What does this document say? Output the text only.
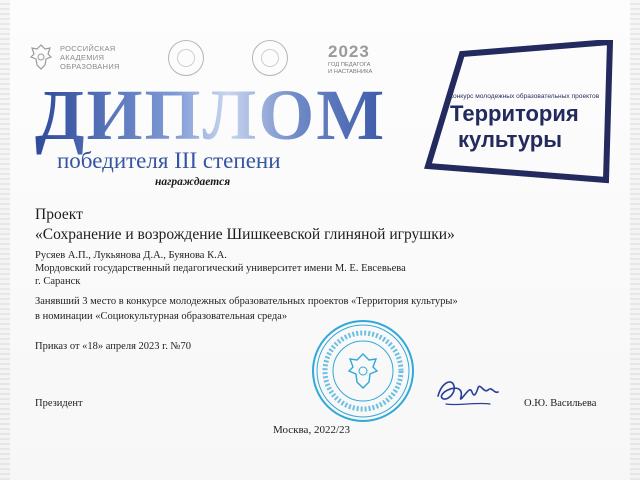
РОССИЙСКАЯ
АКАДЕМИЯ
ОБРАЗОВАНИЯ
2023
ГОД ПЕДАГОГА
И НАСТАВНИКА
ДИПЛОМ
победителя III степени
награждается
конкурс молодежных образовательных проектов
Территория
культуры
Проект
«Сохранение и возрождение Шишкеевской глиняной игрушки»
Русяев А.П., Лукьянова Д.А., Буянова К.А.
Мордовский государственный педагогический университет имени М. Е. Евсевьева
г. Саранск
Занявший 3 место в конкурсе молодежных образовательных проектов «Территория культуры»
в номинации «Социокультурная образовательная среда»
Приказ от «18» апреля 2023 г. №70
Президент	О.Ю. Васильева
Москва, 2022/23
